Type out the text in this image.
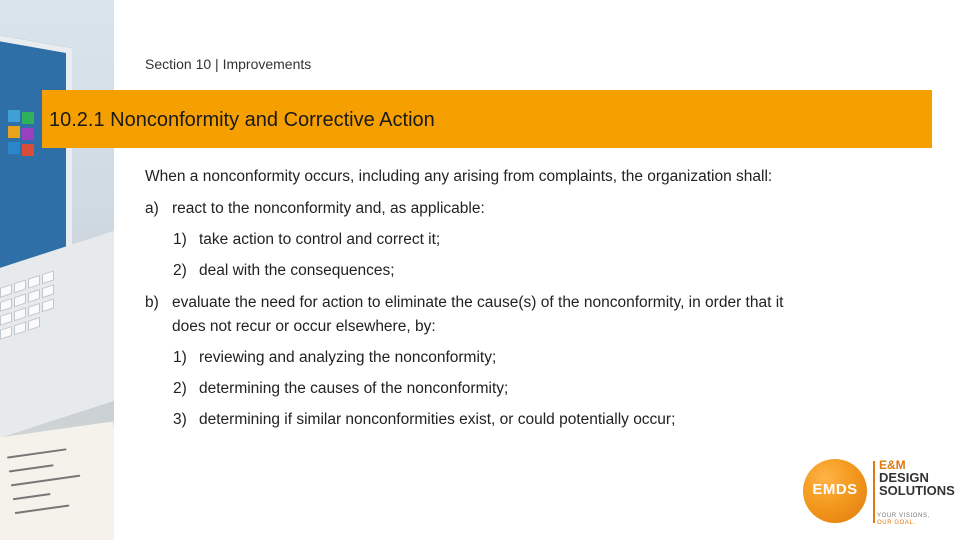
Section 10 | Improvements
10.2.1 Nonconformity and Corrective Action
When a nonconformity occurs, including any arising from complaints, the organization shall:
a) react to the nonconformity and, as applicable:
1) take action to control and correct it;
2) deal with the consequences;
b) evaluate the need for action to eliminate the cause(s) of the nonconformity, in order that it
does not recur or occur elsewhere, by:
1) reviewing and analyzing the nonconformity;
2) determining the causes of the nonconformity;
3) determining if similar nonconformities exist, or could potentially occur;
EMDS
E&M
DESIGN
SOLUTIONS
YOUR VISIONS,
OUR GOAL.
